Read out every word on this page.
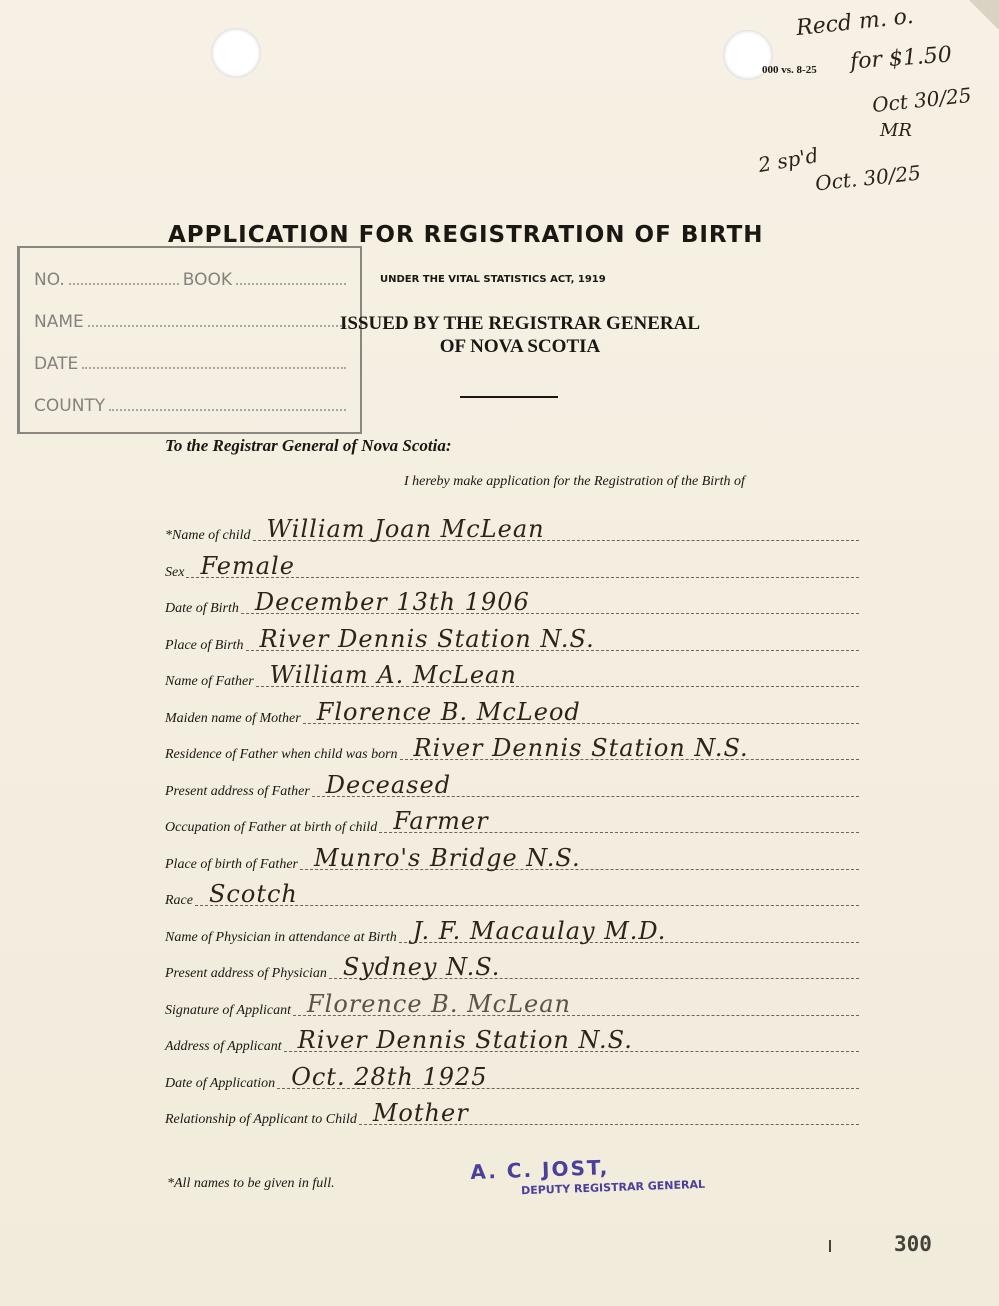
000 vs. 8-25
Recd m. o.
for $1.50
Oct 30/25
MR
2 sp'd
Oct. 30/25
APPLICATION FOR REGISTRATION OF BIRTH
NO.	BOOK
NAME
DATE
COUNTY
UNDER THE VITAL STATISTICS ACT, 1919
ISSUED BY THE REGISTRAR GENERAL
OF NOVA SCOTIA
To the Registrar General of Nova Scotia:
I hereby make application for the Registration of the Birth of
*Name of child William Joan McLean
Sex Female
Date of Birth December 13th 1906
Place of Birth River Dennis Station N.S.
Name of Father William A. McLean
Maiden name of Mother Florence B. McLeod
Residence of Father when child was born River Dennis Station N.S.
Present address of Father Deceased
Occupation of Father at birth of child Farmer
Place of birth of Father Munro's Bridge N.S.
Race Scotch
Name of Physician in attendance at Birth J. F. Macaulay M.D.
Present address of Physician Sydney N.S.
Signature of Applicant Florence B. McLean
Address of Applicant River Dennis Station N.S.
Date of Application Oct. 28th 1925
Relationship of Applicant to Child Mother
*All names to be given in full.	A. C. JOST,
DEPUTY REGISTRAR GENERAL
300
